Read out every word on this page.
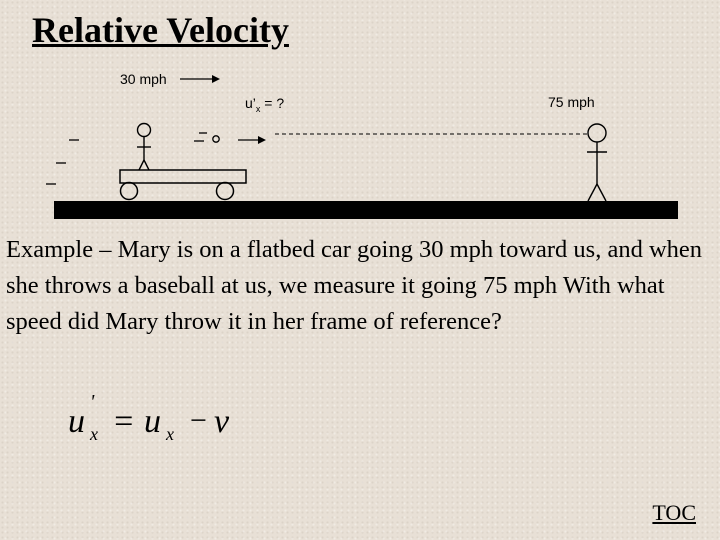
Relative Velocity
30 mph
$u’_x$ = ?	75 mph
Example – Mary is on a flatbed car going 30 mph toward us, and when she throws a baseball at us, we measure it going 75 mph With what speed did Mary throw it in her frame of reference?
u
'
x = u x − v
TOC
